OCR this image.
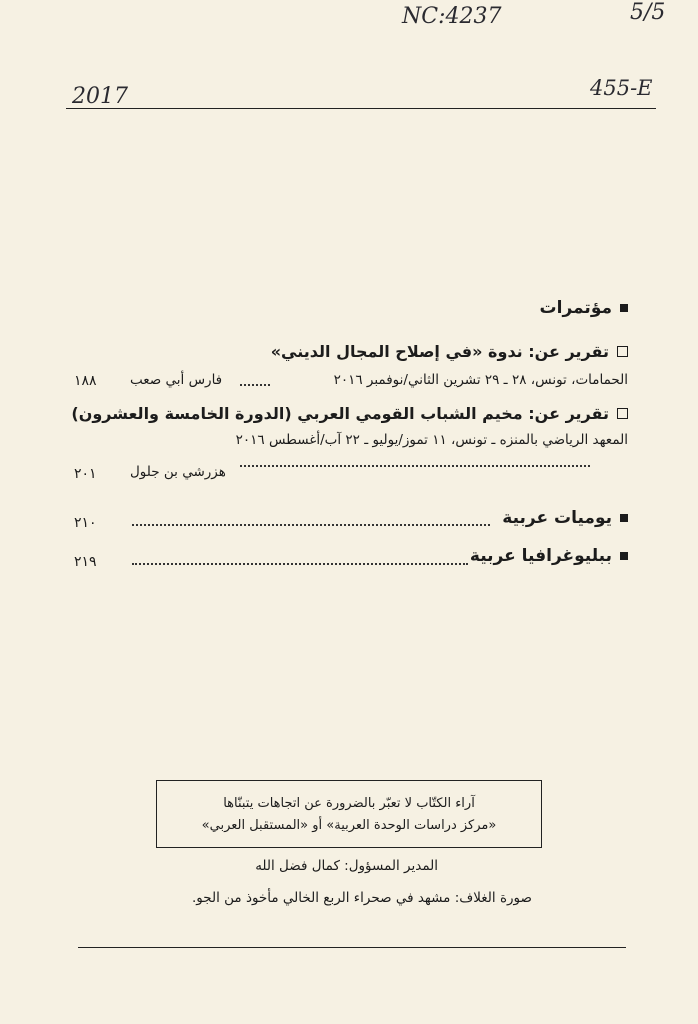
NC:4237	5/5
2017	455-E
مؤتمرات
تقرير عن: ندوة «في إصلاح المجال الديني»
الحمامات، تونس، ٢٨ ـ ٢٩ تشرين الثاني/نوفمبر ٢٠١٦
فارس أبي صعب
١٨٨
تقرير عن: مخيم الشباب القومي العربي (الدورة الخامسة والعشرون)
المعهد الرياضي بالمنزه ـ تونس، ١١ تموز/يوليو ـ ٢٢ آب/أغسطس ٢٠١٦
هزرشي بن جلول
٢٠١
يوميات عربية
٢١٠
ببليوغرافيا عربية
٢١٩
آراء الكتّاب لا تعبّر بالضرورة عن اتجاهات يتبنّاها
«مركز دراسات الوحدة العربية» أو «المستقبل العربي»
المدير المسؤول: كمال فضل الله
صورة الغلاف: مشهد في صحراء الربع الخالي مأخوذ من الجو.
